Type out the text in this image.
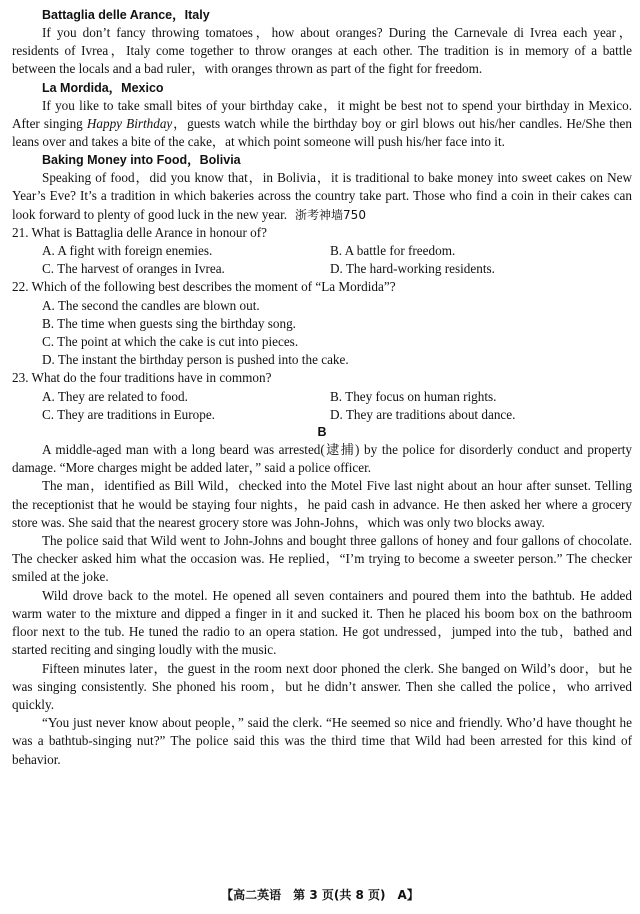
Battaglia delle Arance，Italy

If you don’t fancy throwing tomatoes，how about oranges? During the Carnevale di Ivrea each year，residents of Ivrea，Italy come together to throw oranges at each other. The tradition is in memory of a battle between the locals and a bad ruler，with oranges thrown as part of the fight for freedom.

La Mordida，Mexico

If you like to take small bites of your birthday cake，it might be best not to spend your birthday in Mexico. After singing Happy Birthday，guests watch while the birthday boy or girl blows out his/her candles. He/She then leans over and takes a bite of the cake，at which point someone will push his/her face into it.

Baking Money into Food，Bolivia

Speaking of food，did you know that，in Bolivia，it is traditional to bake money into sweet cakes on New Year’s Eve? It’s a tradition in which bakeries across the country take part. Those who find a coin in their cakes can look forward to plenty of good luck in the new year. 浙考神墙750

21. What is Battaglia delle Arance in honour of?
A. A fight with foreign enemies.	B. A battle for freedom.
C. The harvest of oranges in Ivrea.	D. The hard-working residents.
22. Which of the following best describes the moment of “La Mordida”?
A. The second the candles are blown out.
B. The time when guests sing the birthday song.
C. The point at which the cake is cut into pieces.
D. The instant the birthday person is pushed into the cake.
23. What do the four traditions have in common?
A. They are related to food.	B. They focus on human rights.
C. They are traditions in Europe.	D. They are traditions about dance.
B

A middle-aged man with a long beard was arrested(逮捕) by the police for disorderly conduct and property damage. “More charges might be added later，” said a police officer.

The man，identified as Bill Wild，checked into the Motel Five last night about an hour after sunset. Telling the receptionist that he would be staying four nights，he paid cash in advance. He then asked her where a grocery store was. She said that the nearest grocery store was John-Johns，which was only two blocks away.

The police said that Wild went to John-Johns and bought three gallons of honey and four gallons of chocolate. The checker asked him what the occasion was. He replied，“I’m trying to become a sweeter person.” The checker smiled at the joke.

Wild drove back to the motel. He opened all seven containers and poured them into the bathtub. He added warm water to the mixture and dipped a finger in it and sucked it. Then he placed his boom box on the bathroom floor next to the tub. He tuned the radio to an opera station. He got undressed，jumped into the tub，bathed and started reciting and singing loudly with the music.

Fifteen minutes later，the guest in the room next door phoned the clerk. She banged on Wild’s door，but he was singing consistently. She phoned his room，but he didn’t answer. Then she called the police，who arrived quickly.

“You just never know about people，” said the clerk. “He seemed so nice and friendly. Who’d have thought he was a bathtub-singing nut?” The police said this was the third time that Wild had been arrested for this kind of behavior.

【高二英语　第 3 页(共 8 页)　A】
